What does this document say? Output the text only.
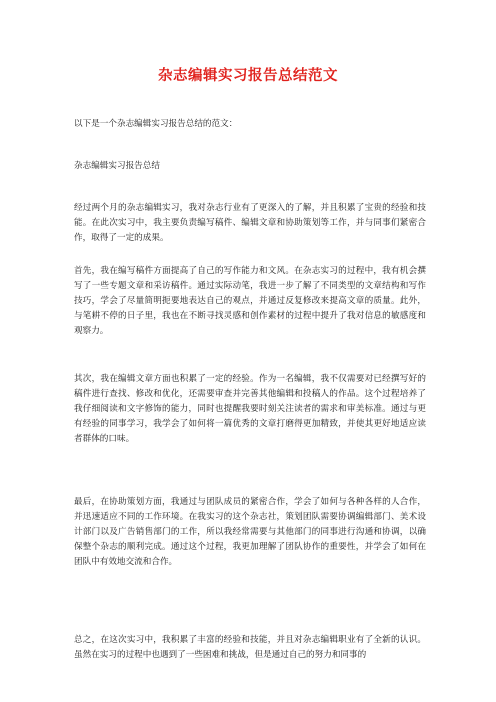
杂志编辑实习报告总结范文
以下是一个杂志编辑实习报告总结的范文：
杂志编辑实习报告总结
经过两个月的杂志编辑实习，我对杂志行业有了更深入的了解，并且积累了宝贵的经验和技能。在此次实习中，我主要负责编写稿件、编辑文章和协助策划等工作，并与同事们紧密合作，取得了一定的成果。
首先，我在编写稿件方面提高了自己的写作能力和文风。在杂志实习的过程中，我有机会撰写了一些专题文章和采访稿件。通过实际动笔，我进一步了解了不同类型的文章结构和写作技巧，学会了尽量简明扼要地表达自己的观点，并通过反复修改来提高文章的质量。此外，与笔耕不停的日子里，我也在不断寻找灵感和创作素材的过程中提升了我对信息的敏感度和观察力。
其次，我在编辑文章方面也积累了一定的经验。作为一名编辑，我不仅需要对已经撰写好的稿件进行查找、修改和优化，还需要审查并完善其他编辑和投稿人的作品。这个过程培养了我仔细阅读和文字修饰的能力，同时也提醒我要时刻关注读者的需求和审美标准。通过与更有经验的同事学习，我学会了如何将一篇优秀的文章打磨得更加精致，并使其更好地适应读者群体的口味。
最后，在协助策划方面，我通过与团队成员的紧密合作，学会了如何与各种各样的人合作，并迅速适应不同的工作环境。在我实习的这个杂志社，策划团队需要协调编辑部门、美术设计部门以及广告销售部门的工作，所以我经常需要与其他部门的同事进行沟通和协调，以确保整个杂志的顺利完成。通过这个过程，我更加理解了团队协作的重要性，并学会了如何在团队中有效地交流和合作。
总之，在这次实习中，我积累了丰富的经验和技能，并且对杂志编辑职业有了全新的认识。虽然在实习的过程中也遇到了一些困难和挑战，但是通过自己的努力和同事的
